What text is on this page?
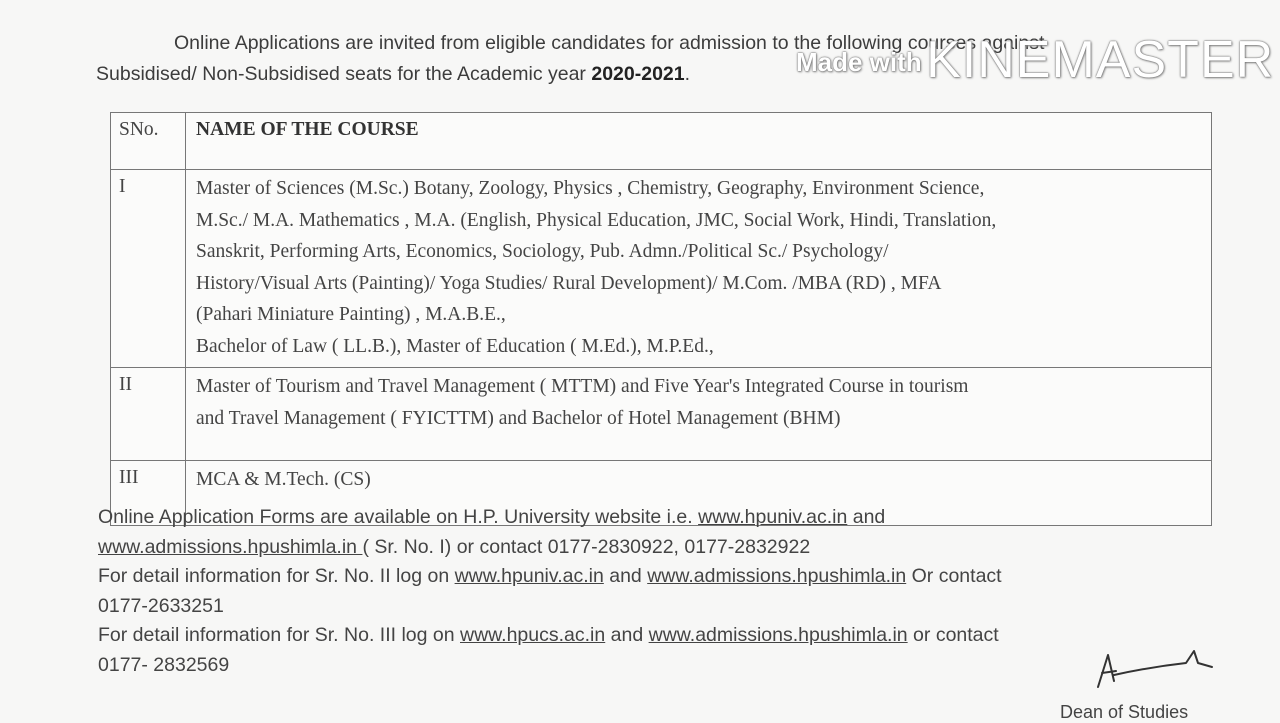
Online Applications are invited from eligible candidates for admission to the following courses against
Subsidised/ Non-Subsidised seats for the Academic year 2020-2021.	Made with KINEMASTER
SNo.	NAME OF THE COURSE
I	Master of Sciences (M.Sc.) Botany, Zoology, Physics , Chemistry, Geography, Environment Science,
M.Sc./ M.A. Mathematics , M.A. (English, Physical Education, JMC, Social Work, Hindi, Translation,
Sanskrit, Performing Arts, Economics, Sociology, Pub. Admn./Political Sc./ Psychology/
History/Visual Arts (Painting)/ Yoga Studies/ Rural Development)/ M.Com. /MBA (RD) , MFA
(Pahari Miniature Painting) , M.A.B.E.,
Bachelor of Law ( LL.B.), Master of Education ( M.Ed.), M.P.Ed.,

II	Master of Tourism and Travel Management ( MTTM) and Five Year's Integrated Course in tourism
and Travel Management ( FYICTTM) and Bachelor of Hotel Management (BHM)

III	MCA & M.Tech. (CS)
Online Application Forms are available on H.P. University website i.e. www.hpuniv.ac.in and
www.admissions.hpushimla.in ( Sr. No. I) or contact 0177-2830922, 0177-2832922
For detail information for Sr. No. II log on www.hpuniv.ac.in and www.admissions.hpushimla.in Or contact
0177-2633251
For detail information for Sr. No. III log on www.hpucs.ac.in and www.admissions.hpushimla.in or contact
0177- 2832569
Dean of Studies
